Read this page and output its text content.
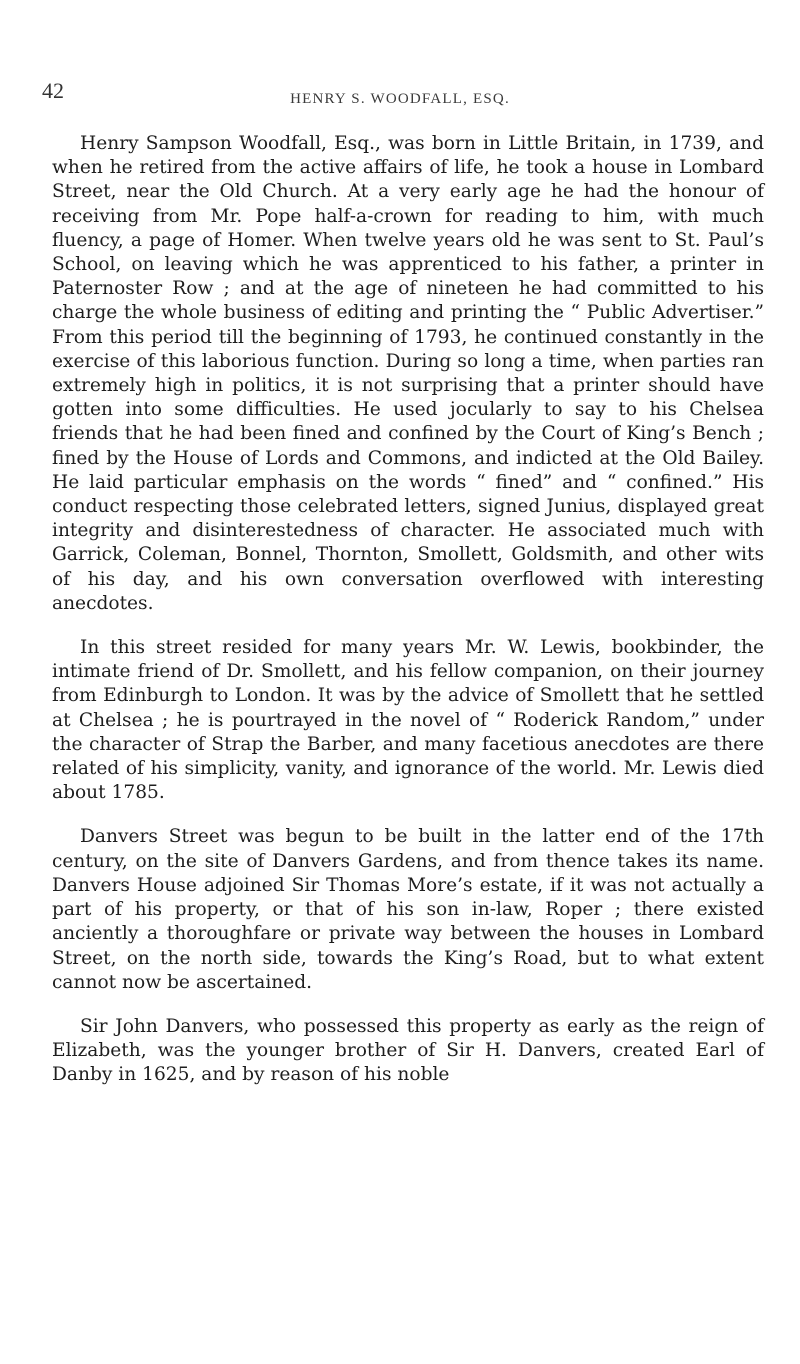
42	HENRY S. WOODFALL, ESQ.

Henry Sampson Woodfall, Esq., was born in Little Britain, in 1739, and when he retired from the active affairs of life, he took a house in Lombard Street, near the Old Church. At a very early age he had the honour of receiving from Mr. Pope half-a-crown for reading to him, with much fluency, a page of Homer. When twelve years old he was sent to St. Paul’s School, on leaving which he was apprenticed to his father, a printer in Paternoster Row ; and at the age of nineteen he had committed to his charge the whole business of editing and printing the “ Public Advertiser.” From this period till the beginning of 1793, he continued constantly in the exercise of this laborious function. During so long a time, when parties ran extremely high in politics, it is not surprising that a printer should have gotten into some difficulties. He used jocularly to say to his Chelsea friends that he had been fined and confined by the Court of King’s Bench ; fined by the House of Lords and Commons, and indicted at the Old Bailey. He laid particular emphasis on the words “ fined” and “ confined.” His conduct respecting those celebrated letters, signed Junius, displayed great integrity and disinterestedness of character. He associated much with Garrick, Coleman, Bonnel, Thornton, Smollett, Goldsmith, and other wits of his day, and his own conversation overflowed with interesting anecdotes.

In this street resided for many years Mr. W. Lewis, bookbinder, the intimate friend of Dr. Smollett, and his fellow companion, on their journey from Edinburgh to London. It was by the advice of Smollett that he settled at Chelsea ; he is pourtrayed in the novel of “ Roderick Random,” under the character of Strap the Barber, and many facetious anecdotes are there related of his simplicity, vanity, and ignorance of the world. Mr. Lewis died about 1785.

Danvers Street was begun to be built in the latter end of the 17th century, on the site of Danvers Gardens, and from thence takes its name. Danvers House adjoined Sir Thomas More’s estate, if it was not actually a part of his property, or that of his son in-law, Roper ; there existed anciently a thoroughfare or private way between the houses in Lombard Street, on the north side, towards the King’s Road, but to what extent cannot now be ascertained.

Sir John Danvers, who possessed this property as early as the reign of Elizabeth, was the younger brother of Sir H. Danvers, created Earl of Danby in 1625, and by reason of his noble
